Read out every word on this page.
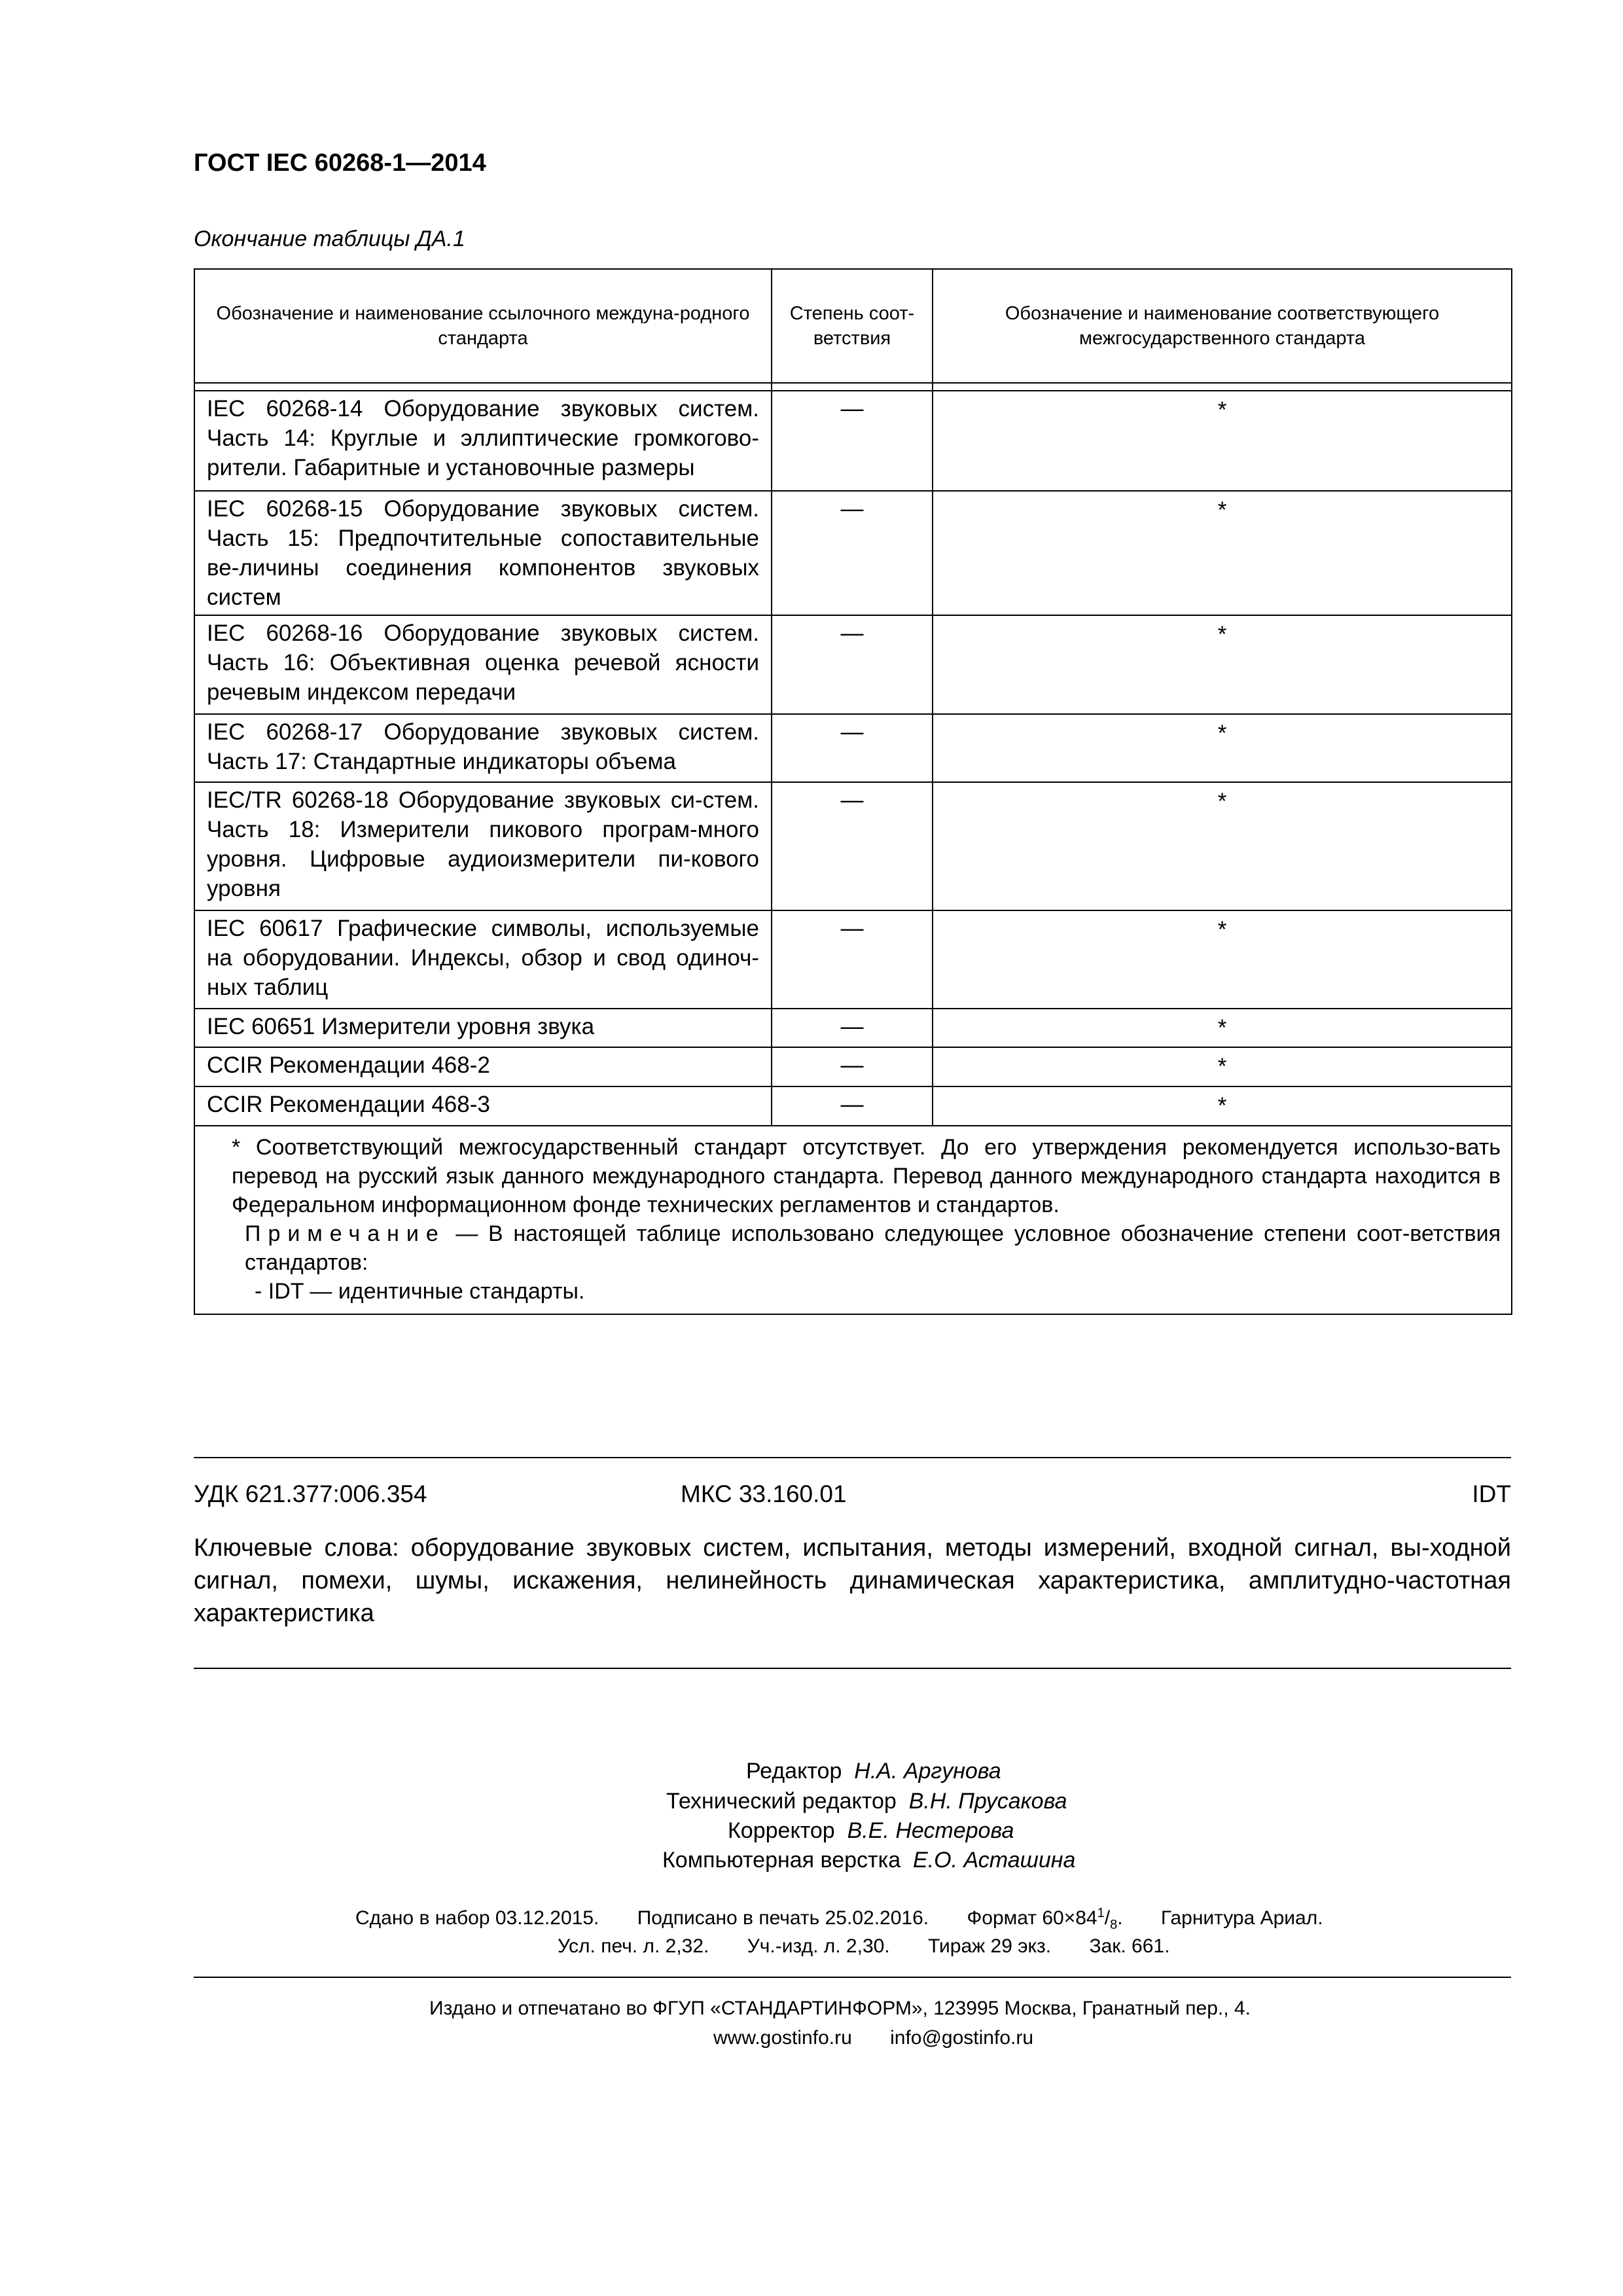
ГОСТ IEC 60268-1—2014
Окончание таблицы ДА.1
Обозначение и наименование ссылочного междуна-родного стандарта	Степень соот-ветствия	Обозначение и наименование соответствующего межгосударственного стандарта

IEC 60268-14 Оборудование звуковых систем. Часть 14: Круглые и эллиптические громкогово-рители. Габаритные и установочные размеры	—	*
IEC 60268-15 Оборудование звуковых систем. Часть 15: Предпочтительные сопоставительные ве-личины соединения компонентов звуковых систем	—	*
IEC 60268-16 Оборудование звуковых систем. Часть 16: Объективная оценка речевой ясности речевым индексом передачи	—	*
IEC 60268-17 Оборудование звуковых систем. Часть 17: Стандартные индикаторы объема	—	*
IEC/TR 60268-18 Оборудование звуковых си-стем. Часть 18: Измерители пикового програм-много уровня. Цифровые аудиоизмерители пи-кового уровня	—	*
IEC 60617 Графические символы, используемые на оборудовании. Индексы, обзор и свод одиноч-ных таблиц	—	*
IEC 60651 Измерители уровня звука	—	*
CCIR Рекомендации 468-2	—	*
CCIR Рекомендации 468-3	—	*

* Соответствующий межгосударственный стандарт отсутствует. До его утверждения рекомендуется использо-вать перевод на русский язык данного международного стандарта. Перевод данного международного стандарта находится в Федеральном информационном фонде технических регламентов и стандартов.
Примечание — В настоящей таблице использовано следующее условное обозначение степени соот-ветствия стандартов:
- IDT — идентичные стандарты.		
УДК 621.377:006.354	МКС 33.160.01	IDT
Ключевые слова: оборудование звуковых систем, испытания, методы измерений, входной сигнал, вы-ходной сигнал, помехи, шумы, искажения, нелинейность динамическая характеристика, амплитудно-частотная характеристика
Редактор Н.А. Аргунова
Технический редактор В.Н. Прусакова
Корректор В.Е. Нестерова
Компьютерная верстка Е.О. Асташина
Сдано в набор 03.12.2015. Подписано в печать 25.02.2016. Формат $60\times 84^1/_8$. Гарнитура Ариал.
Усл. печ. л. 2,32. Уч.-изд. л. 2,30. Тираж 29 экз. Зак. 661.
Издано и отпечатано во ФГУП «СТАНДАРТИНФОРМ», 123995 Москва, Гранатный пер., 4.
www.gostinfo.ru info@gostinfo.ru
